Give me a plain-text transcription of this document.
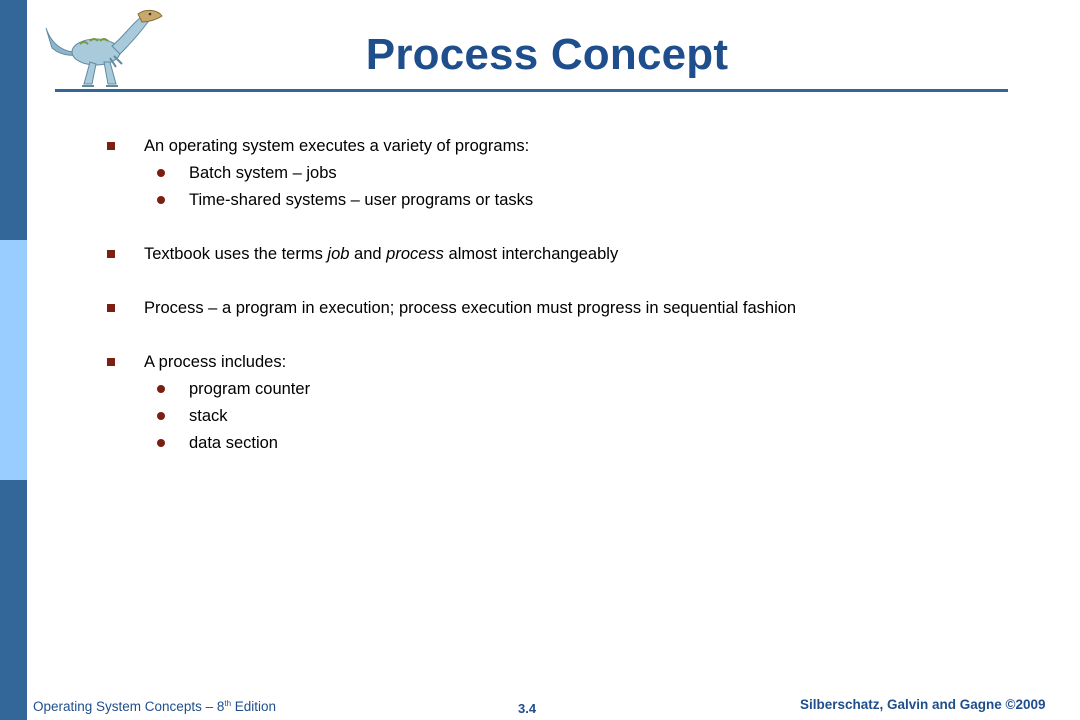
Process Concept
An operating system executes a variety of programs:
Batch system – jobs
Time-shared systems – user programs or tasks
Textbook uses the terms job and process almost interchangeably
Process – a program in execution; process execution must progress in sequential fashion
A process includes:
program counter
stack
data section
Operating System Concepts – 8th Edition	3.4	Silberschatz, Galvin and Gagne ©2009
